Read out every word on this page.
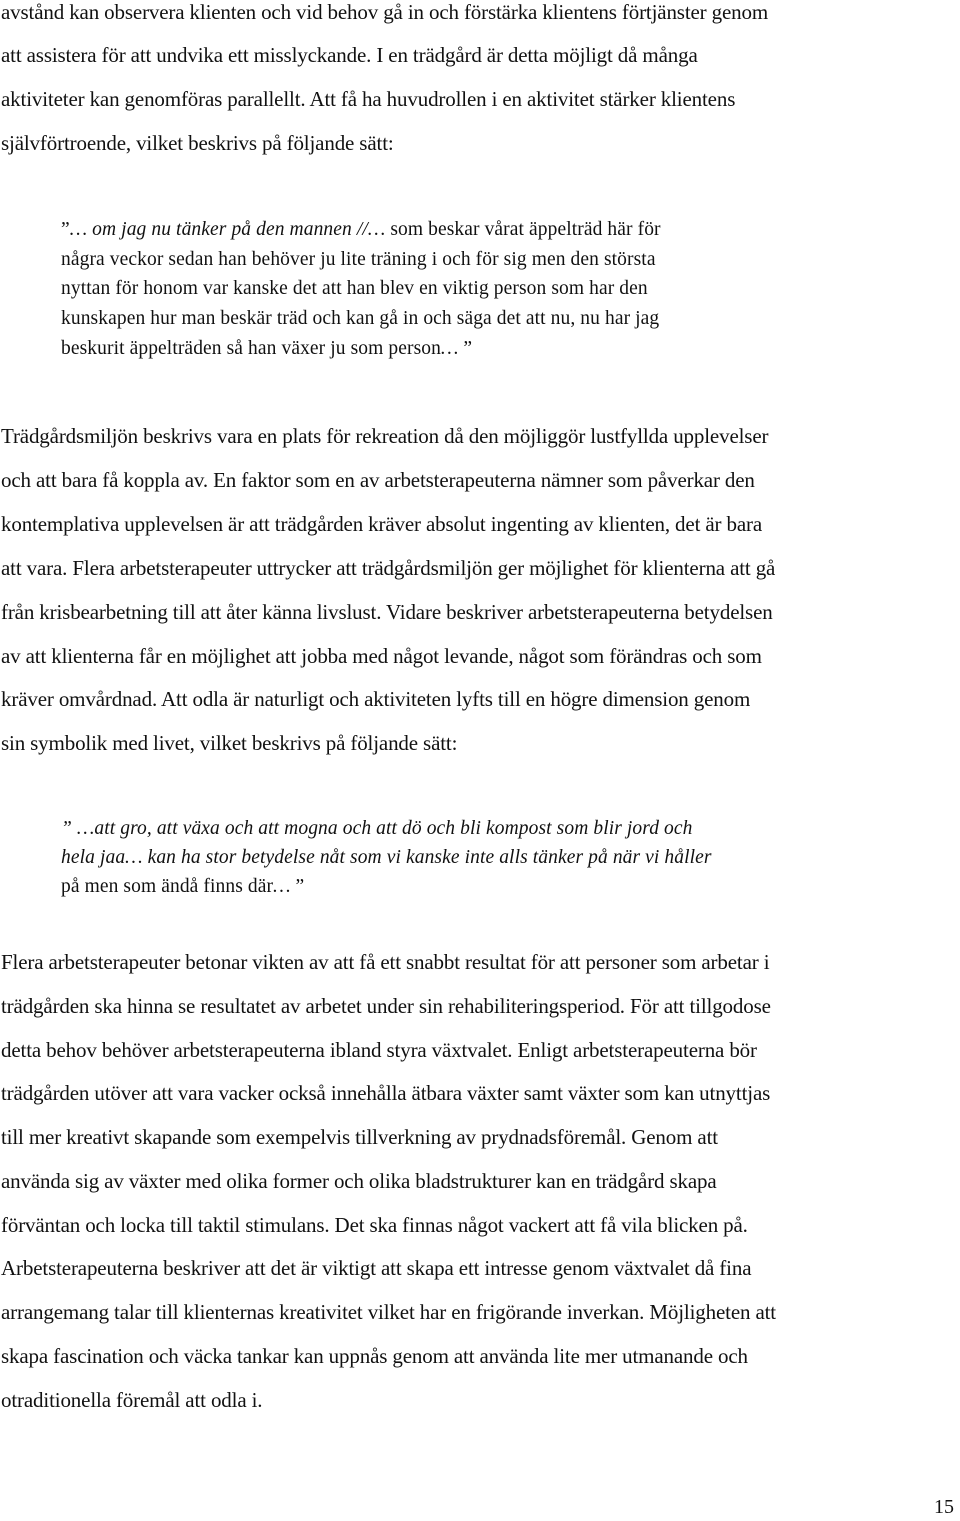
avstånd kan observera klienten och vid behov gå in och förstärka klientens förtjänster genom
att assistera för att undvika ett misslyckande. I en trädgård är detta möjligt då många
aktiviteter kan genomföras parallellt. Att få ha huvudrollen i en aktivitet stärker klientens
självförtroende, vilket beskrivs på följande sätt:
”… om jag nu tänker på den mannen //… som beskar vårat äppelträd här för
några veckor sedan han behöver ju lite träning i och för sig men den största
nyttan för honom var kanske det att han blev en viktig person som har den
kunskapen hur man beskär träd och kan gå in och säga det att nu, nu har jag
beskurit äppelträden så han växer ju som person… ”
Trädgårdsmiljön beskrivs vara en plats för rekreation då den möjliggör lustfyllda upplevelser
och att bara få koppla av. En faktor som en av arbetsterapeuterna nämner som påverkar den
kontemplativa upplevelsen är att trädgården kräver absolut ingenting av klienten, det är bara
att vara. Flera arbetsterapeuter uttrycker att trädgårdsmiljön ger möjlighet för klienterna att gå
från krisbearbetning till att åter känna livslust. Vidare beskriver arbetsterapeuterna betydelsen
av att klienterna får en möjlighet att jobba med något levande, något som förändras och som
kräver omvårdnad. Att odla är naturligt och aktiviteten lyfts till en högre dimension genom
sin symbolik med livet, vilket beskrivs på följande sätt:
” …att gro, att växa och att mogna och att dö och bli kompost som blir jord och
hela jaa… kan ha stor betydelse nåt som vi kanske inte alls tänker på när vi håller
på men som ändå finns där… ”
Flera arbetsterapeuter betonar vikten av att få ett snabbt resultat för att personer som arbetar i
trädgården ska hinna se resultatet av arbetet under sin rehabiliteringsperiod. För att tillgodose
detta behov behöver arbetsterapeuterna ibland styra växtvalet. Enligt arbetsterapeuterna bör
trädgården utöver att vara vacker också innehålla ätbara växter samt växter som kan utnyttjas
till mer kreativt skapande som exempelvis tillverkning av prydnadsföremål. Genom att
använda sig av växter med olika former och olika bladstrukturer kan en trädgård skapa
förväntan och locka till taktil stimulans. Det ska finnas något vackert att få vila blicken på.
Arbetsterapeuterna beskriver att det är viktigt att skapa ett intresse genom växtvalet då fina
arrangemang talar till klienternas kreativitet vilket har en frigörande inverkan. Möjligheten att
skapa fascination och väcka tankar kan uppnås genom att använda lite mer utmanande och
otraditionella föremål att odla i.
15
